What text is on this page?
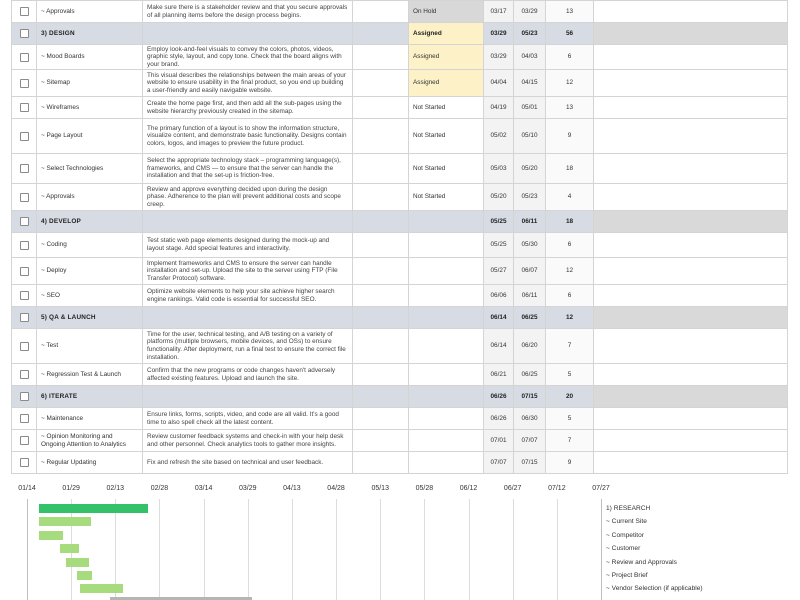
	~ Approvals	Make sure there is a stakeholder review and that you secure approvals of all planning items before the design process begins.		On Hold	03/17	03/29	13	
	3) DESIGN			Assigned	03/29	05/23	56	
	~ Mood Boards	Employ look-and-feel visuals to convey the colors, photos, videos, graphic style, layout, and copy tone. Check that the board aligns with your brand.		Assigned	03/29	04/03	6	
	~ Sitemap	This visual describes the relationships between the main areas of your website to ensure usability in the final product, so you end up building a user-friendly and easily navigable website.		Assigned	04/04	04/15	12	
	~ Wireframes	Create the home page first, and then add all the sub-pages using the website hierarchy previously created in the sitemap.		Not Started	04/19	05/01	13	
	~ Page Layout	The primary function of a layout is to show the information structure, visualize content, and demonstrate basic functionality. Designs contain colors, logos, and images to preview the future product.		Not Started	05/02	05/10	9	
	~ Select Technologies	Select the appropriate technology stack – programming language(s), frameworks, and CMS — to ensure that the server can handle the installation and that the set-up is friction-free.		Not Started	05/03	05/20	18	
	~ Approvals	Review and approve everything decided upon during the design phase. Adherence to the plan will prevent additional costs and scope creep.		Not Started	05/20	05/23	4	
	4) DEVELOP				05/25	06/11	18	
	~ Coding	Test static web page elements designed during the mock-up and layout stage. Add special features and interactivity.			05/25	05/30	6	
	~ Deploy	Implement frameworks and CMS to ensure the server can handle installation and set-up. Upload the site to the server using FTP (File Transfer Protocol) software.			05/27	06/07	12	
	~ SEO	Optimize website elements to help your site achieve higher search engine rankings. Valid code is essential for successful SEO.			06/06	06/11	6	
	5) QA & LAUNCH				06/14	06/25	12	
	~ Test	Time for the user, technical testing, and A/B testing on a variety of platforms (multiple browsers, mobile devices, and OSs) to ensure functionality. After deployment, run a final test to ensure the correct file installation.			06/14	06/20	7	
	~ Regression Test & Launch	Confirm that the new programs or code changes haven't adversely affected existing features. Upload and launch the site.			06/21	06/25	5	
	6) ITERATE				06/26	07/15	20	
	~ Maintenance	Ensure links, forms, scripts, video, and code are all valid. It's a good time to also spell check all the latest content.			06/26	06/30	5	
	~ Opinion Monitoring and Ongoing Attention to Analytics	Review customer feedback systems and check-in with your help desk and other personnel. Check analytics tools to gather more insights.			07/01	07/07	7	
	~ Regular Updating	Fix and refresh the site based on technical and user feedback.			07/07	07/15	9	
01/14	01/29	02/13	02/28	03/14	03/29	04/13	04/28	05/13	05/28	06/12	06/27	07/12	07/27
1) RESEARCH
~ Current Site
~ Competitor
~ Customer
~ Review and Approvals
~ Project Brief
~ Vendor Selection (if applicable)
